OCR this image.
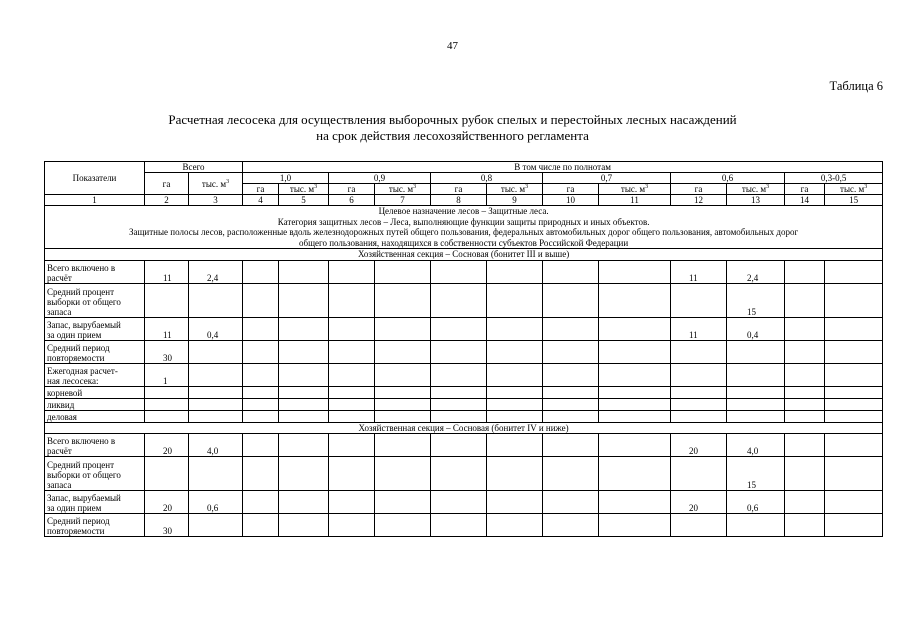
47
Таблица 6
Расчетная лесосека для осуществления выборочных рубок спелых и перестойных лесных насаждений
на срок действия лесохозяйственного регламента
Показатели	Всего		В том числе по полнотам											
	га	тыс. $м^3$	1,0		0,9		0,8		0,7		0,6		0,3-0,5	
			га	тыс. $м^3$	га	тыс. $м^3$	га	тыс. $м^3$	га	тыс. $м^3$	га	тыс. $м^3$	га	тыс. $м^3$
1	2	3	4	5	6	7	8	9	10	11	12	13	14	15

Целевое назначение лесов – Защитные леса.
Категория защитных лесов – Леса, выполняющие функции защиты природных и иных объектов.
Защитные полосы лесов, расположенные вдоль железнодорожных путей общего пользования, федеральных автомобильных дорог общего пользования, автомобильных дорог
общего пользования, находящихся в собственности субъектов Российской Федерации														

Хозяйственная секция – Сосновая (бонитет III и выше)														

Всего включено в
расчёт	11	2,4									11	2,4		

Средний процент
выборки от общего
запаса												15		

Запас, вырубаемый
за один прием	11	0,4									11	0,4		

Средний период
повторяемости	30													

Ежегодная расчет-
ная лесосека:	1													

корневой														

ликвид														

деловая														

Хозяйственная секция – Сосновая (бонитет IV и ниже)														

Всего включено в
расчёт	20	4,0									20	4,0		

Средний процент
выборки от общего
запаса												15		

Запас, вырубаемый
за один прием	20	0,6									20	0,6		

Средний период
повторяемости	30													
